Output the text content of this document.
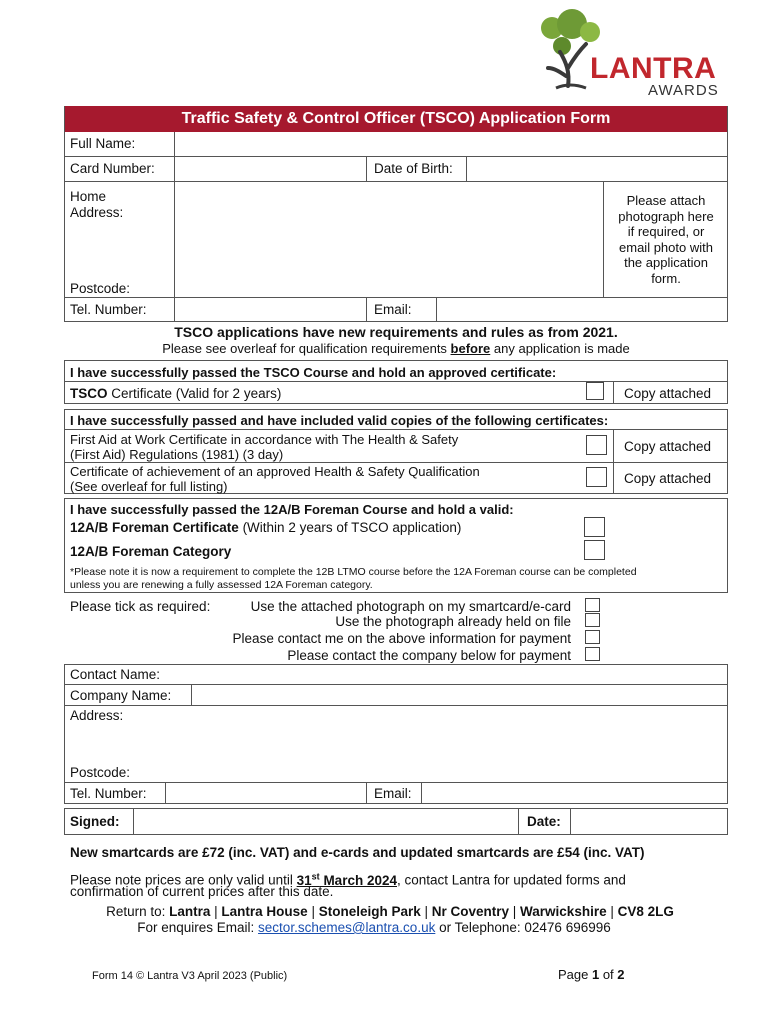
LANTRA
AWARDS
Traffic Safety & Control Officer (TSCO) Application Form
Full Name:
Card Number:	Date of Birth:
Home
Address:
Postcode:
Please attach
photograph here
if required, or
email photo with
the application
form.
Tel. Number:	Email:
TSCO applications have new requirements and rules as from 2021.
Please see overleaf for qualification requirements before any application is made
I have successfully passed the TSCO Course and hold an approved certificate:
TSCO Certificate (Valid for 2 years)	Copy attached
I have successfully passed and have included valid copies of the following certificates:
First Aid at Work Certificate in accordance with The Health & Safety
(First Aid) Regulations (1981) (3 day)
Copy attached
Certificate of achievement of an approved Health & Safety Qualification
(See overleaf for full listing)
Copy attached
I have successfully passed the 12A/B Foreman Course and hold a valid:
12A/B Foreman Certificate (Within 2 years of TSCO application)
12A/B Foreman Category
*Please note it is now a requirement to complete the 12B LTMO course before the 12A Foreman course can be completed
unless you are renewing a fully assessed 12A Foreman category.
Please tick as required:	Use the attached photograph on my smartcard/e-card
Use the photograph already held on file
Please contact me on the above information for payment
Please contact the company below for payment
Contact Name:
Company Name:
Address:
Postcode:
Tel. Number:	Email:
Signed:	Date:
New smartcards are £72 (inc. VAT) and e-cards and updated smartcards are £54 (inc. VAT)
Please note prices are only valid until 31st March 2024, contact Lantra for updated forms and
confirmation of current prices after this date.
Return to: Lantra | Lantra House | Stoneleigh Park | Nr Coventry | Warwickshire | CV8 2LG
For enquires Email: sector.schemes@lantra.co.uk or Telephone: 02476 696996
Form 14 © Lantra V3 April 2023 (Public)	Page 1 of 2
